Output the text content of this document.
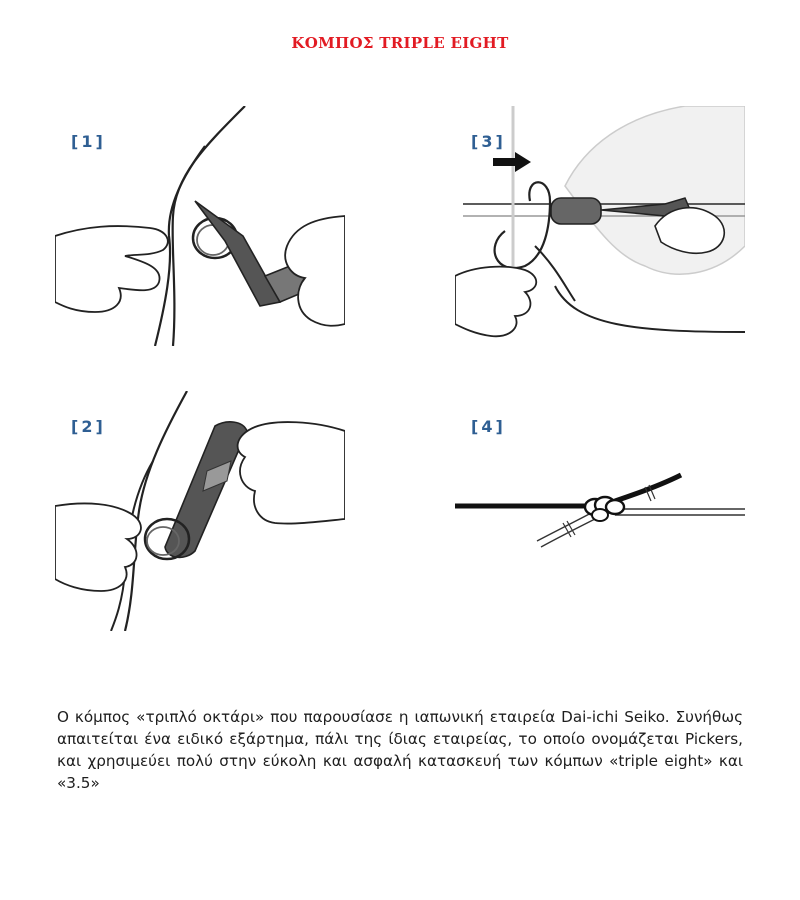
ΚΟΜΠΟΣ TRIPLE EIGHT
[1]	[3]
[2]	[4]
Ο κόμπος «τριπλό οκτάρι» που παρουσίασε η ιαπωνική εταιρεία Dai-ichi Seiko. Συνήθως απαιτείται ένα ειδικό εξάρτημα, πάλι της ίδιας εταιρείας, το οποίο ονομάζεται Pickers, και χρησιμεύει πολύ στην εύκολη και ασφαλή κατασκευή των κόμπων «triple eight» και «3.5»
